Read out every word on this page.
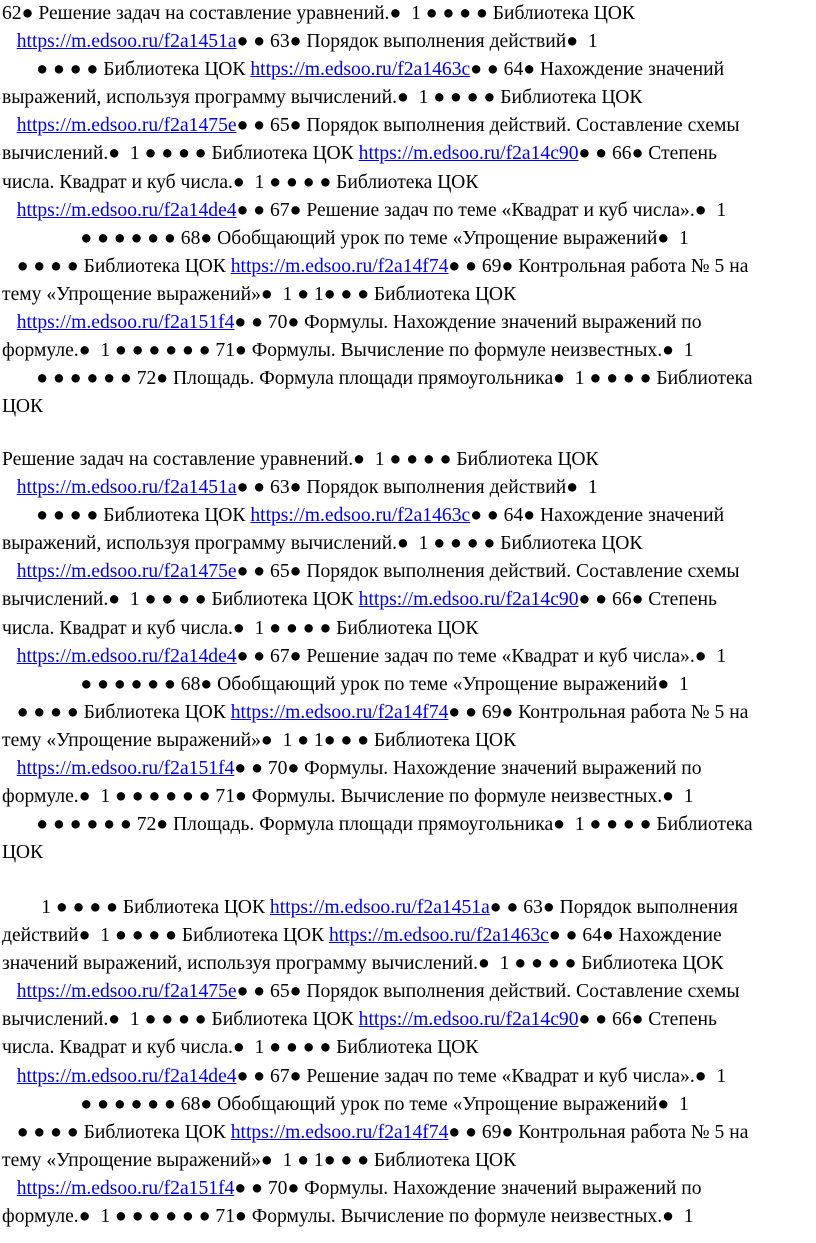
62● Решение задач на составление уравнений.●  1 ● ● ● ● Библиотека ЦОК

https://m.edsoo.ru/f2a1451a● ● 63● Порядок выполнения действий●  1

● ● ● ● Библиотека ЦОК https://m.edsoo.ru/f2a1463c● ● 64● Нахождение значений

выражений, используя программу вычислений.●  1 ● ● ● ● Библиотека ЦОК

https://m.edsoo.ru/f2a1475e● ● 65● Порядок выполнения действий. Составление схемы

вычислений.●  1 ● ● ● ● Библиотека ЦОК https://m.edsoo.ru/f2a14c90● ● 66● Степень

числа. Квадрат и куб числа.●  1 ● ● ● ● Библиотека ЦОК

https://m.edsoo.ru/f2a14de4● ● 67● Решение задач по теме «Квадрат и куб числа».●  1

● ● ● ● ● ● 68● Обобщающий урок по теме «Упрощение выражений●  1

● ● ● ● Библиотека ЦОК https://m.edsoo.ru/f2a14f74● ● 69● Контрольная работа № 5 на

тему «Упрощение выражений»●  1 ● 1● ● ● Библиотека ЦОК

https://m.edsoo.ru/f2a151f4● ● 70● Формулы. Нахождение значений выражений по

формуле.●  1 ● ● ● ● ● ● 71● Формулы. Вычисление по формуле неизвестных.●  1

● ● ● ● ● ● 72● Площадь. Формула площади прямоугольника●  1 ● ● ● ● Библиотека

ЦОК

Решение задач на составление уравнений.●  1 ● ● ● ● Библиотека ЦОК

https://m.edsoo.ru/f2a1451a● ● 63● Порядок выполнения действий●  1

● ● ● ● Библиотека ЦОК https://m.edsoo.ru/f2a1463c● ● 64● Нахождение значений

выражений, используя программу вычислений.●  1 ● ● ● ● Библиотека ЦОК

https://m.edsoo.ru/f2a1475e● ● 65● Порядок выполнения действий. Составление схемы

вычислений.●  1 ● ● ● ● Библиотека ЦОК https://m.edsoo.ru/f2a14c90● ● 66● Степень

числа. Квадрат и куб числа.●  1 ● ● ● ● Библиотека ЦОК

https://m.edsoo.ru/f2a14de4● ● 67● Решение задач по теме «Квадрат и куб числа».●  1

● ● ● ● ● ● 68● Обобщающий урок по теме «Упрощение выражений●  1

● ● ● ● Библиотека ЦОК https://m.edsoo.ru/f2a14f74● ● 69● Контрольная работа № 5 на

тему «Упрощение выражений»●  1 ● 1● ● ● Библиотека ЦОК

https://m.edsoo.ru/f2a151f4● ● 70● Формулы. Нахождение значений выражений по

формуле.●  1 ● ● ● ● ● ● 71● Формулы. Вычисление по формуле неизвестных.●  1

● ● ● ● ● ● 72● Площадь. Формула площади прямоугольника●  1 ● ● ● ● Библиотека

ЦОК

1 ● ● ● ● Библиотека ЦОК https://m.edsoo.ru/f2a1451a● ● 63● Порядок выполнения

действий●  1 ● ● ● ● Библиотека ЦОК https://m.edsoo.ru/f2a1463c● ● 64● Нахождение

значений выражений, используя программу вычислений.●  1 ● ● ● ● Библиотека ЦОК

https://m.edsoo.ru/f2a1475e● ● 65● Порядок выполнения действий. Составление схемы

вычислений.●  1 ● ● ● ● Библиотека ЦОК https://m.edsoo.ru/f2a14c90● ● 66● Степень

числа. Квадрат и куб числа.●  1 ● ● ● ● Библиотека ЦОК

https://m.edsoo.ru/f2a14de4● ● 67● Решение задач по теме «Квадрат и куб числа».●  1

● ● ● ● ● ● 68● Обобщающий урок по теме «Упрощение выражений●  1

● ● ● ● Библиотека ЦОК https://m.edsoo.ru/f2a14f74● ● 69● Контрольная работа № 5 на

тему «Упрощение выражений»●  1 ● 1● ● ● Библиотека ЦОК

https://m.edsoo.ru/f2a151f4● ● 70● Формулы. Нахождение значений выражений по

формуле.●  1 ● ● ● ● ● ● 71● Формулы. Вычисление по формуле неизвестных.●  1
